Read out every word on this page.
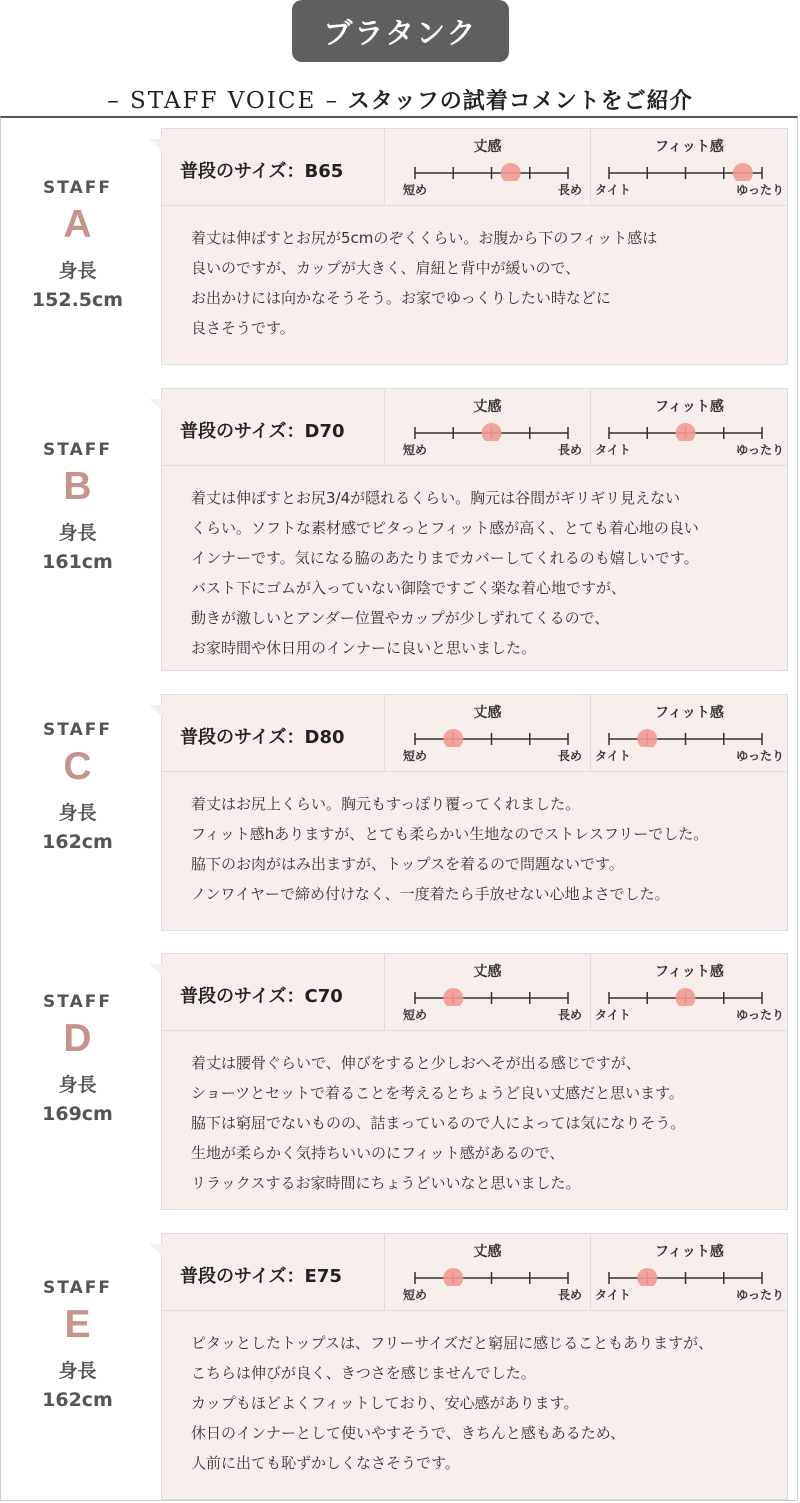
ブラタンク
– STAFF VOICE – スタッフの試着コメントをご紹介
STAFF
A
身長
152.5cm
普段のサイズ：B65
丈感
短め	長め
フィット感
タイト	ゆったり
着丈は伸ばすとお尻が5cmのぞくくらい。お腹から下のフィット感は
良いのですが、カップが大きく、肩紐と背中が緩いので、
お出かけには向かなそうそう。お家でゆっくりしたい時などに
良さそうです。
STAFF
B
身長
161cm
普段のサイズ：D70
丈感
短め	長め
フィット感
タイト	ゆったり
着丈は伸ばすとお尻3/4が隠れるくらい。胸元は谷間がギリギリ見えない
くらい。ソフトな素材感でピタっとフィット感が高く、とても着心地の良い
インナーです。気になる脇のあたりまでカバーしてくれるのも嬉しいです。
バスト下にゴムが入っていない御陰ですごく楽な着心地ですが、
動きが激しいとアンダー位置やカップが少しずれてくるので、
お家時間や休日用のインナーに良いと思いました。
STAFF
C
身長
162cm
普段のサイズ：D80
丈感
短め	長め
フィット感
タイト	ゆったり
着丈はお尻上くらい。胸元もすっぽり覆ってくれました。
フィット感hありますが、とても柔らかい生地なのでストレスフリーでした。
脇下のお肉がはみ出ますが、トップスを着るので問題ないです。
ノンワイヤーで締め付けなく、一度着たら手放せない心地よさでした。
STAFF
D
身長
169cm
普段のサイズ：C70
丈感
短め	長め
フィット感
タイト	ゆったり
着丈は腰骨ぐらいで、伸びをすると少しおへそが出る感じですが、
ショーツとセットで着ることを考えるとちょうど良い丈感だと思います。
脇下は窮屈でないものの、詰まっているので人によっては気になりそう。
生地が柔らかく気持ちいいのにフィット感があるので、
リラックスするお家時間にちょうどいいなと思いました。
STAFF
E
身長
162cm
普段のサイズ：E75
丈感
短め	長め
フィット感
タイト	ゆったり
ピタッとしたトップスは、フリーサイズだと窮屈に感じることもありますが、
こちらは伸びが良く、きつさを感じませんでした。
カップもほどよくフィットしており、安心感があります。
休日のインナーとして使いやすそうで、きちんと感もあるため、
人前に出ても恥ずかしくなさそうです。
